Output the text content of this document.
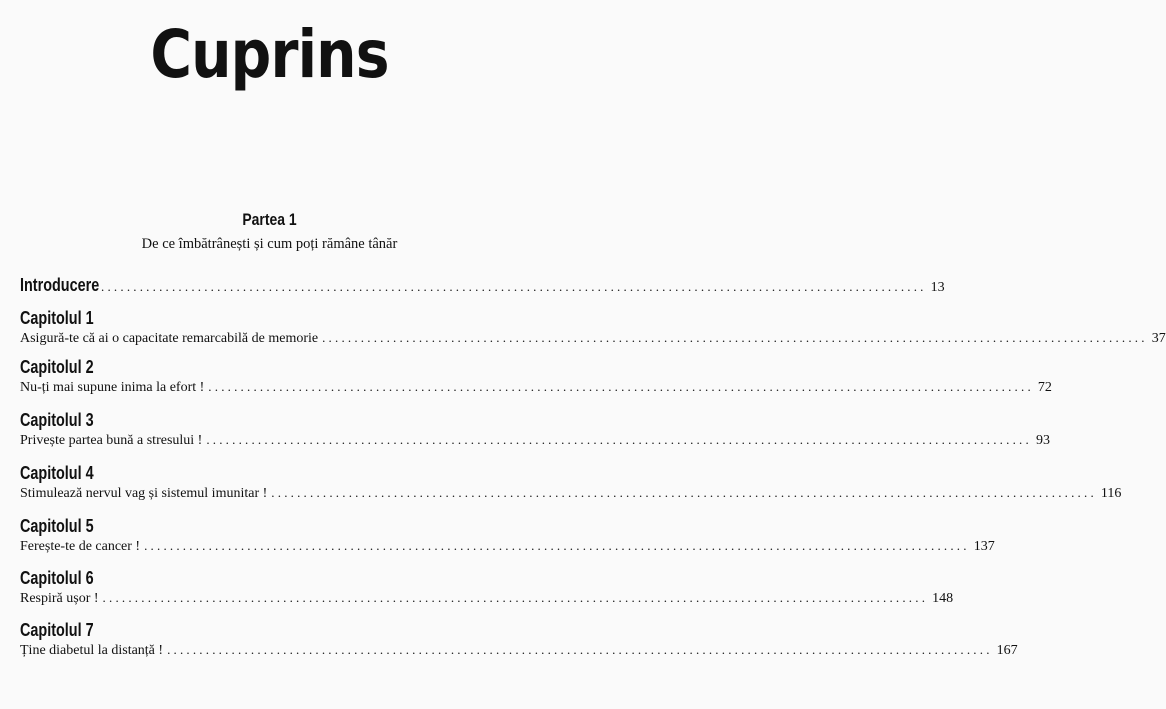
Cuprins
Partea 1
De ce îmbătrânești și cum poți rămâne tânăr
Introducere ................................................................................................................................ 13
Capitolul 1
Asigură-te că ai o capacitate remarcabilă de memorie ................................................................................................................................ 37
Capitolul 2
Nu-ți mai supune inima la efort ! ................................................................................................................................ 72
Capitolul 3
Privește partea bună a stresului ! ................................................................................................................................ 93
Capitolul 4
Stimulează nervul vag și sistemul imunitar ! ................................................................................................................................ 116
Capitolul 5
Ferește-te de cancer ! ................................................................................................................................ 137
Capitolul 6
Respiră ușor ! ................................................................................................................................ 148
Capitolul 7
Ține diabetul la distanță ! ................................................................................................................................ 167
